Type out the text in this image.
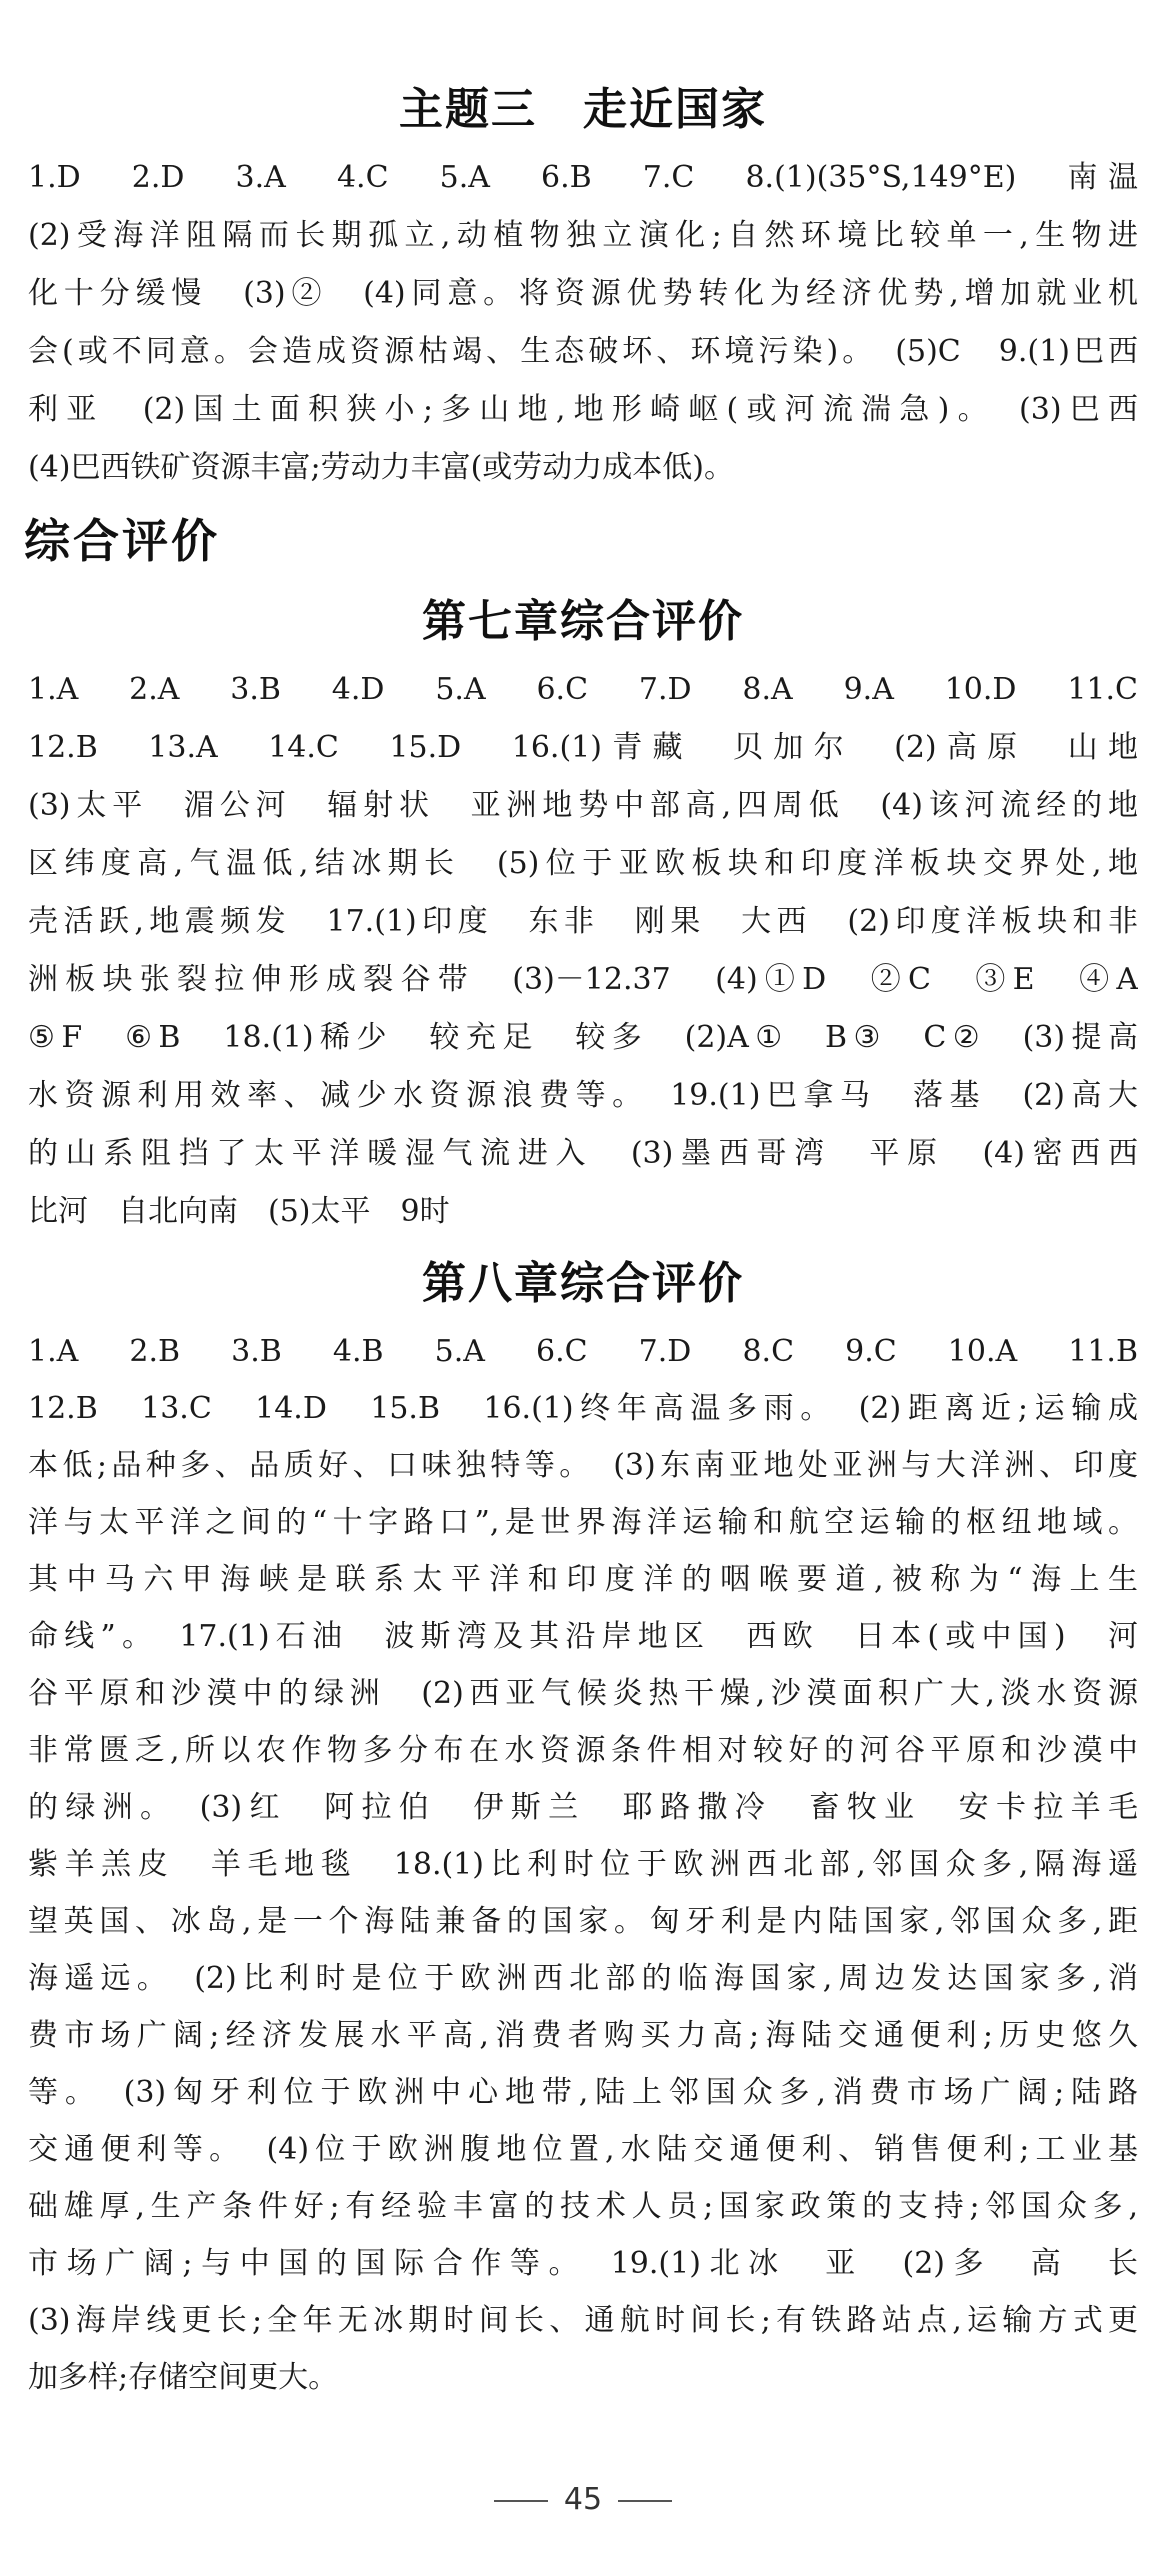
主题三　走近国家
1.D　2.D　3.A　4.C　5.A　6.B　7.C　8.(1)(35°S,149°E)　南温
(2)受海洋阻隔而长期孤立,动植物独立演化;自然环境比较单一,生物进
化十分缓慢　(3)②　(4)同意。将资源优势转化为经济优势,增加就业机
会(或不同意。会造成资源枯竭、生态破坏、环境污染)。　(5)C　9.(1)巴西
利亚　(2)国土面积狭小;多山地,地形崎岖(或河流湍急)。　(3)巴西
(4)巴西铁矿资源丰富;劳动力丰富(或劳动力成本低)。
综合评价
第七章综合评价
1.A　2.A　3.B　4.D　5.A　6.C　7.D　8.A　9.A　10.D　11.C
12.B　13.A　14.C　15.D　16.(1)青藏　贝加尔　(2)高原　山地
(3)太平　湄公河　辐射状　亚洲地势中部高,四周低　(4)该河流经的地
区纬度高,气温低,结冰期长　(5)位于亚欧板块和印度洋板块交界处,地
壳活跃,地震频发　17.(1)印度　东非　刚果　大西　(2)印度洋板块和非
洲板块张裂拉伸形成裂谷带　(3)－12.37　(4)①D　②C　③E　④A
⑤F　⑥B　18.(1)稀少　较充足　较多　(2)A①　B③　C②　(3)提高
水资源利用效率、减少水资源浪费等。　19.(1)巴拿马　落基　(2)高大
的山系阻挡了太平洋暖湿气流进入　(3)墨西哥湾　平原　(4)密西西
比河　自北向南　(5)太平　9时
第八章综合评价
1.A　2.B　3.B　4.B　5.A　6.C　7.D　8.C　9.C　10.A　11.B
12.B　13.C　14.D　15.B　16.(1)终年高温多雨。　(2)距离近;运输成
本低;品种多、品质好、口味独特等。　(3)东南亚地处亚洲与大洋洲、印度
洋与太平洋之间的“十字路口”,是世界海洋运输和航空运输的枢纽地域。
其中马六甲海峡是联系太平洋和印度洋的咽喉要道,被称为“海上生
命线”。　17.(1)石油　波斯湾及其沿岸地区　西欧　日本(或中国)　河
谷平原和沙漠中的绿洲　(2)西亚气候炎热干燥,沙漠面积广大,淡水资源
非常匮乏,所以农作物多分布在水资源条件相对较好的河谷平原和沙漠中
的绿洲。　(3)红　阿拉伯　伊斯兰　耶路撒冷　畜牧业　安卡拉羊毛
紫羊羔皮　羊毛地毯　18.(1)比利时位于欧洲西北部,邻国众多,隔海遥
望英国、冰岛,是一个海陆兼备的国家。匈牙利是内陆国家,邻国众多,距
海遥远。　(2)比利时是位于欧洲西北部的临海国家,周边发达国家多,消
费市场广阔;经济发展水平高,消费者购买力高;海陆交通便利;历史悠久
等。　(3)匈牙利位于欧洲中心地带,陆上邻国众多,消费市场广阔;陆路
交通便利等。　(4)位于欧洲腹地位置,水陆交通便利、销售便利;工业基
础雄厚,生产条件好;有经验丰富的技术人员;国家政策的支持;邻国众多,
市场广阔;与中国的国际合作等。　19.(1)北冰　亚　(2)多　高　长
(3)海岸线更长;全年无冰期时间长、通航时间长;有铁路站点,运输方式更
加多样;存储空间更大。
45
